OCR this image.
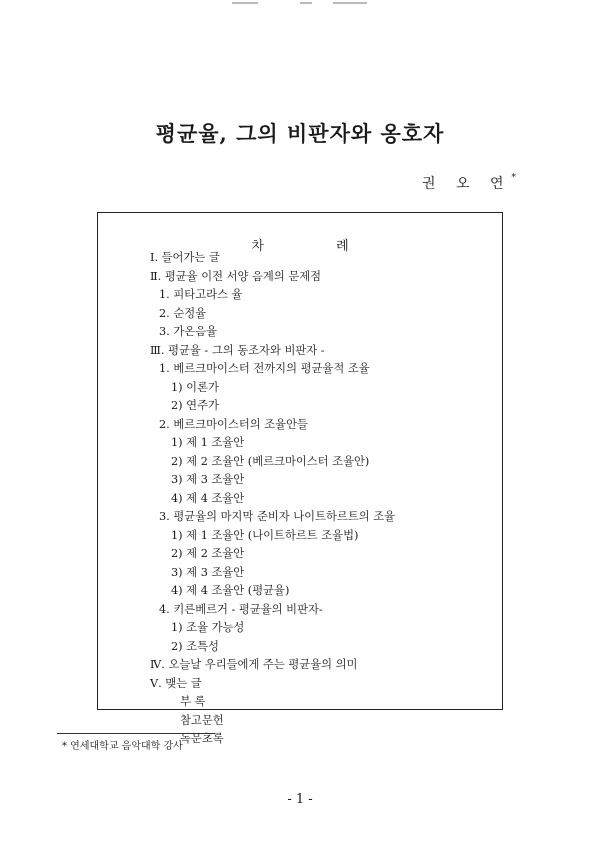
평균율, 그의 비판자와 옹호자
권 오 연*
차 례
Ⅰ. 들어가는 글
Ⅱ. 평균율 이전 서양 음계의 문제점
1. 피타고라스 율
2. 순정율
3. 가온음율
Ⅲ. 평균율 - 그의 동조자와 비판자 -
1. 베르크마이스터 전까지의 평균율적 조율
1) 이론가
2) 연주가
2. 베르크마이스터의 조율안들
1) 제 1 조율안
2) 제 2 조율안 (베르크마이스터 조율안)
3) 제 3 조율안
4) 제 4 조율안
3. 평균율의 마지막 준비자 나이트하르트의 조율
1) 제 1 조율안 (나이트하르트 조율법)
2) 제 2 조율안
3) 제 3 조율안
4) 제 4 조율안 (평균율)
4. 키른베르거 - 평균율의 비판자-
1) 조율 가능성
2) 조특성
Ⅳ. 오늘날 우리들에게 주는 평균율의 의미
Ⅴ. 맺는 글
부 록
참고문헌
독문초록
* 연세대학교 음악대학 강사
- 1 -
